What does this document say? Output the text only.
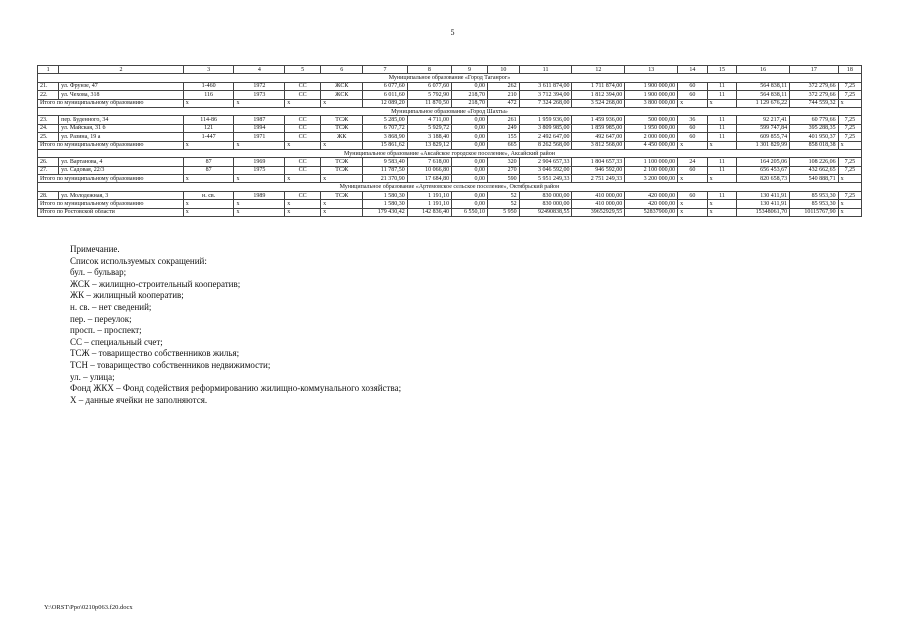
5
1	2	3	4	5	6	7	8	9	10	11	12	13	14	15	16	17	18
Муниципальное образование «Город Таганрог»																	
21.	ул. Фрунзе, 47	1-460	1972	СС	ЖСК	6 077,60	6 077,60	0,00	262	3 611 874,00	1 711 874,00	1 900 000,00	60	11	564 838,11	372 279,66	7,25
22.	ул. Чехова, 318	116	1973	СС	ЖСК	6 011,60	5 792,90	218,70	210	3 712 394,00	1 812 394,00	1 900 000,00	60	11	564 838,11	372 279,66	7,25
Итого по муниципальному образованию		х	х	х	х	12 089,20	11 870,50	218,70	472	7 324 268,00	3 524 268,00	3 800 000,00	х	х	1 129 676,22	744 559,32	х
Муниципальное образование «Город Шахты»																	
23.	пер. Буденного, 34	114-86	1987	СС	ТСЖ	5 285,00	4 711,00	0,00	261	1 959 936,00	1 459 936,00	500 000,00	36	11	92 217,41	60 779,66	7,25
24.	ул. Майская, 31 б	121	1994	СС	ТСЖ	6 707,72	5 929,72	0,00	249	3 809 985,00	1 859 985,00	1 950 000,00	60	11	599 747,84	395 288,35	7,25
25.	ул. Разина, 19 а	1-447	1971	СС	ЖК	3 868,90	3 188,40	0,00	155	2 492 647,00	492 647,00	2 000 000,00	60	11	609 855,74	401 950,37	7,25
Итого по муниципальному образованию		х	х	х	х	15 861,62	13 829,12	0,00	665	8 262 568,00	3 812 568,00	4 450 000,00	х	х	1 301 829,99	858 018,38	х
Муниципальное образование «Аксайское городское поселение», Аксайский район																	
26.	ул. Вартанова, 4	87	1969	СС	ТСЖ	9 583,40	7 618,00	0,00	320	2 904 657,33	1 804 657,33	1 100 000,00	24	11	164 205,06	108 226,06	7,25
27.	ул. Садовая, 22/3	87	1975	СС	ТСЖ	11 787,50	10 066,80	0,00	270	3 046 592,00	946 592,00	2 100 000,00	60	11	656 453,67	432 662,65	7,25
Итого по муниципальному образованию		х	х	х	х	21 370,90	17 684,80	0,00	590	5 951 249,33	2 751 249,33	3 200 000,00	х	х	820 658,73	540 888,71	х
Муниципальное образование «Артемовское сельское поселение», Октябрьский район																	
28.	ул. Молодежная, 3	н. св.	1989	СС	ТСЖ	1 580,30	1 191,10	0,00	52	830 000,00	410 000,00	420 000,00	60	11	130 411,91	85 953,30	7,25
Итого по муниципальному образованию		х	х	х	х	1 580,30	1 191,10	0,00	52	830 000,00	410 000,00	420 000,00	х	х	130 411,91	85 953,30	х
Итого по Ростовской области		х	х	х	х	179 430,42	142 836,40	6 550,10	5 950	92490838,55	39652929,55	52837900,00	х	х	15348061,70	10115767,90	х
Примечание.
Список используемых сокращений:
бул. – бульвар;
ЖСК – жилищно-строительный кооператив;
ЖК – жилищный кооператив;
н. св. – нет сведений;
пер. – переулок;
просп. – проспект;
СС – специальный счет;
ТСЖ – товарищество собственников жилья;
ТСН – товарищество собственников недвижимости;
ул. – улица;
Фонд ЖКХ – Фонд содействия реформированию жилищно-коммунального хозяйства;
Х – данные ячейки не заполняются.
Y:\ORST\Ppo\0210p063.f20.docx
